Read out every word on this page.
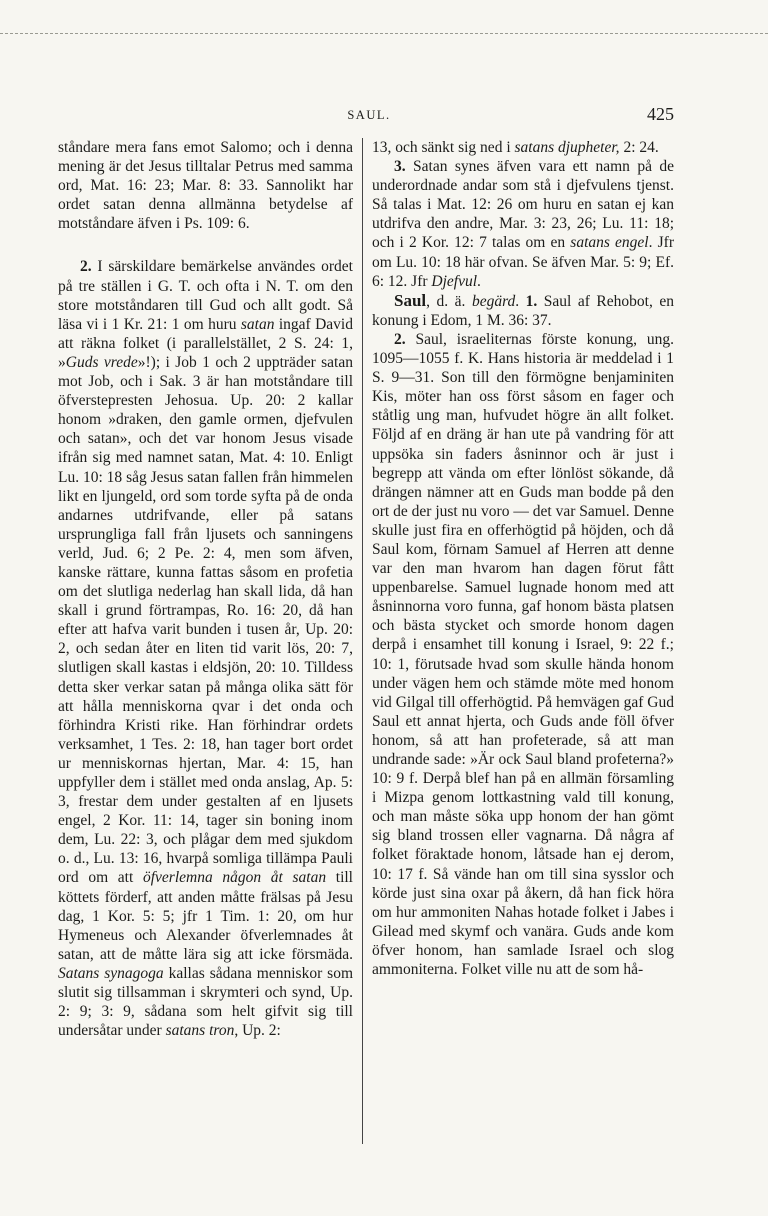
SAUL.	425

ståndare mera fans emot Salomo; och i denna mening är det Jesus tilltalar Petrus med samma ord, Mat. 16: 23; Mar. 8: 33. Sannolikt har ordet satan denna allmänna betydelse af motståndare äfven i Ps. 109: 6.

2. I särskildare bemärkelse användes ordet på tre ställen i G. T. och ofta i N. T. om den store motståndaren till Gud och allt godt. Så läsa vi i 1 Kr. 21: 1 om huru satan ingaf David att räkna folket (i parallelstället, 2 S. 24: 1, »Guds vrede»!); i Job 1 och 2 uppträder satan mot Job, och i Sak. 3 är han motståndare till öfverstepresten Jehosua. Up. 20: 2 kallar honom »draken, den gamle ormen, djefvulen och satan», och det var honom Jesus visade ifrån sig med namnet satan, Mat. 4: 10. Enligt Lu. 10: 18 såg Jesus satan fallen från himmelen likt en ljungeld, ord som torde syfta på de onda andarnes utdrifvande, eller på satans ursprungliga fall från ljusets och sanningens verld, Jud. 6; 2 Pe. 2: 4, men som äfven, kanske rättare, kunna fattas såsom en profetia om det slutliga nederlag han skall lida, då han skall i grund förtrampas, Ro. 16: 20, då han efter att hafva varit bunden i tusen år, Up. 20: 2, och sedan åter en liten tid varit lös, 20: 7, slutligen skall kastas i eldsjön, 20: 10. Tilldess detta sker verkar satan på många olika sätt för att hålla menniskorna qvar i det onda och förhindra Kristi rike. Han förhindrar ordets verksamhet, 1 Tes. 2: 18, han tager bort ordet ur menniskornas hjertan, Mar. 4: 15, han uppfyller dem i stället med onda anslag, Ap. 5: 3, frestar dem under gestalten af en ljusets engel, 2 Kor. 11: 14, tager sin boning inom dem, Lu. 22: 3, och plågar dem med sjukdom o. d., Lu. 13: 16, hvarpå somliga tillämpa Pauli ord om att öfverlemna någon åt satan till köttets förderf, att anden måtte frälsas på Jesu dag, 1 Kor. 5: 5; jfr 1 Tim. 1: 20, om hur Hymeneus och Alexander öfverlemnades åt satan, att de måtte lära sig att icke försmäda. Satans synagoga kallas sådana menniskor som slutit sig tillsamman i skrymteri och synd, Up. 2: 9; 3: 9, sådana som helt gifvit sig till undersåtar under satans tron, Up. 2:

13, och sänkt sig ned i satans djupheter, 2: 24.

3. Satan synes äfven vara ett namn på de underordnade andar som stå i djefvulens tjenst. Så talas i Mat. 12: 26 om huru en satan ej kan utdrifva den andre, Mar. 3: 23, 26; Lu. 11: 18; och i 2 Kor. 12: 7 talas om en satans engel. Jfr om Lu. 10: 18 här ofvan. Se äfven Mar. 5: 9; Ef. 6: 12. Jfr Djefvul.

Saul, d. ä. begärd. 1. Saul af Rehobot, en konung i Edom, 1 M. 36: 37.

2. Saul, israeliternas förste konung, ung. 1095—1055 f. K. Hans historia är meddelad i 1 S. 9—31. Son till den förmögne benjaminiten Kis, möter han oss först såsom en fager och ståtlig ung man, hufvudet högre än allt folket. Följd af en dräng är han ute på vandring för att uppsöka sin faders åsninnor och är just i begrepp att vända om efter lönlöst sökande, då drängen nämner att en Guds man bodde på den ort de der just nu voro — det var Samuel. Denne skulle just fira en offerhögtid på höjden, och då Saul kom, förnam Samuel af Herren att denne var den man hvarom han dagen förut fått uppenbarelse. Samuel lugnade honom med att åsninnorna voro funna, gaf honom bästa platsen och bästa stycket och smorde honom dagen derpå i ensamhet till konung i Israel, 9: 22 f.; 10: 1, förutsade hvad som skulle hända honom under vägen hem och stämde möte med honom vid Gilgal till offerhögtid. På hemvägen gaf Gud Saul ett annat hjerta, och Guds ande föll öfver honom, så att han profeterade, så att man undrande sade: »Är ock Saul bland profeterna?» 10: 9 f. Derpå blef han på en allmän församling i Mizpa genom lottkastning vald till konung, och man måste söka upp honom der han gömt sig bland trossen eller vagnarna. Då några af folket föraktade honom, låtsade han ej derom, 10: 17 f. Så vände han om till sina sysslor och körde just sina oxar på åkern, då han fick höra om hur ammoniten Nahas hotade folket i Jabes i Gilead med skymf och vanära. Guds ande kom öfver honom, han samlade Israel och slog ammoniterna. Folket ville nu att de som hå-
